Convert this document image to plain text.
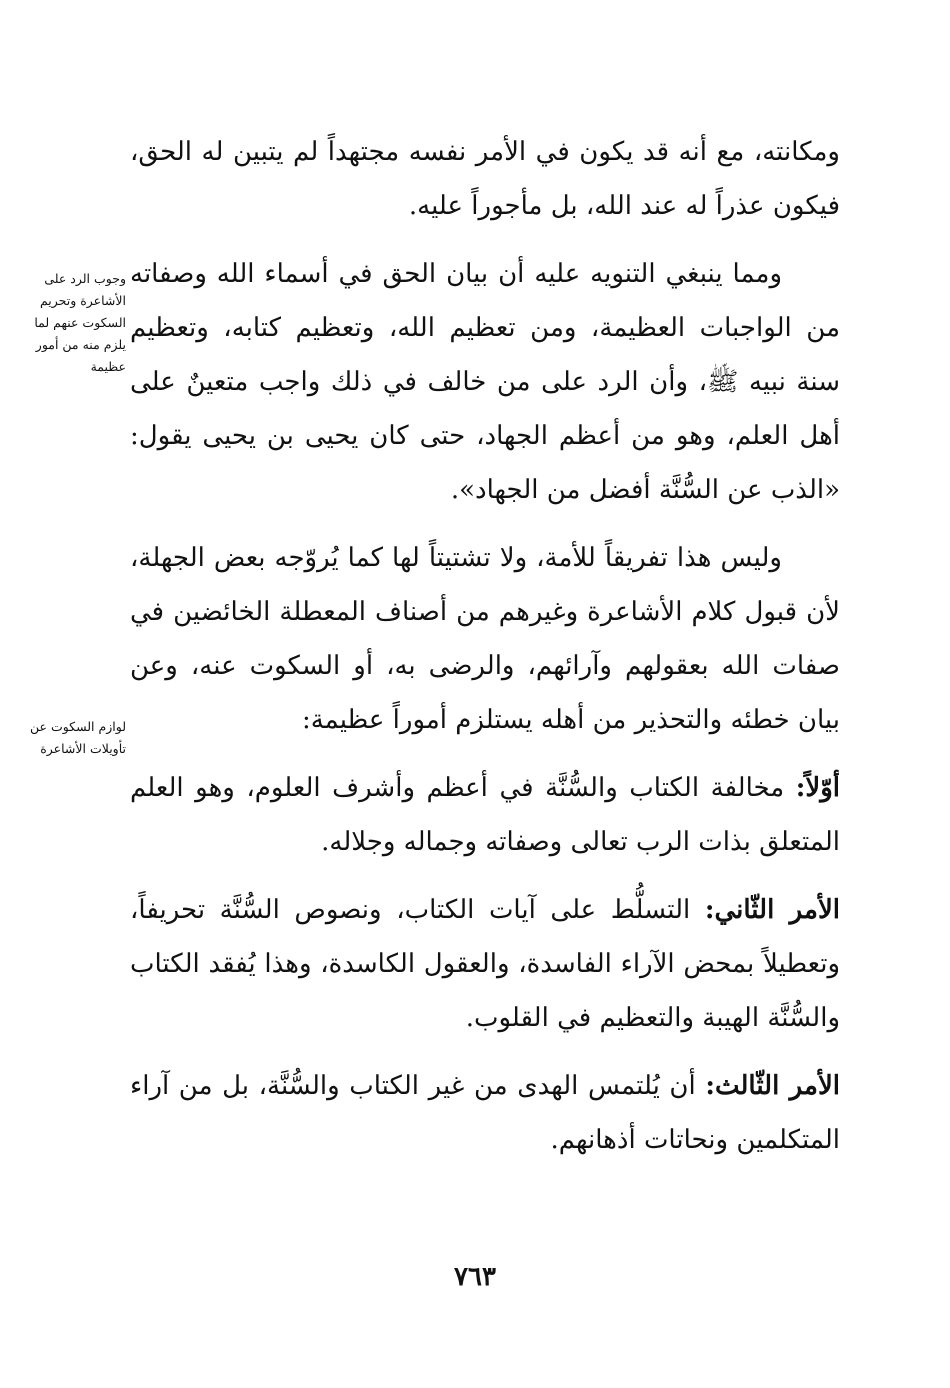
وجوب الرد على الأشاعرة وتحريم السكوت عنهم لما يلزم منه من أمور عظيمة
لوازم السكوت عن تأويلات الأشاعرة

ومكانته، مع أنه قد يكون في الأمر نفسه مجتهداً لم يتبين له الحق، فيكون عذراً له عند الله، بل مأجوراً عليه.

ومما ينبغي التنويه عليه أن بيان الحق في أسماء الله وصفاته من الواجبات العظيمة، ومن تعظيم الله، وتعظيم كتابه، وتعظيم سنة نبيه ﷺ، وأن الرد على من خالف في ذلك واجب متعينٌ على أهل العلم، وهو من أعظم الجهاد، حتى كان يحيى بن يحيى يقول: «الذب عن السُّنَّة أفضل من الجهاد».

وليس هذا تفريقاً للأمة، ولا تشتيتاً لها كما يُروّجه بعض الجهلة، لأن قبول كلام الأشاعرة وغيرهم من أصناف المعطلة الخائضين في صفات الله بعقولهم وآرائهم، والرضى به، أو السكوت عنه، وعن بيان خطئه والتحذير من أهله يستلزم أموراً عظيمة:

أوّلاً: مخالفة الكتاب والسُّنَّة في أعظم وأشرف العلوم، وهو العلم المتعلق بذات الرب تعالى وصفاته وجماله وجلاله.

الأمر الثّاني: التسلُّط على آيات الكتاب، ونصوص السُّنَّة تحريفاً، وتعطيلاً بمحض الآراء الفاسدة، والعقول الكاسدة، وهذا يُفقد الكتاب والسُّنَّة الهيبة والتعظيم في القلوب.

الأمر الثّالث: أن يُلتمس الهدى من غير الكتاب والسُّنَّة، بل من آراء المتكلمين ونحاتات أذهانهم.

٧٦٣
